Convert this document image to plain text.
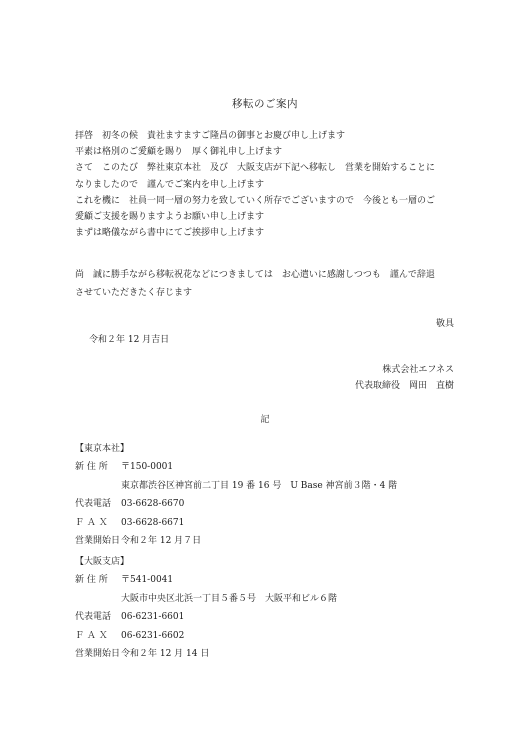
移転のご案内

拝啓　初冬の候　貴社ますますご隆昌の御事とお慶び申し上げます

平素は格別のご愛顧を賜り　厚く御礼申し上げます

さて　このたび　弊社東京本社　及び　大阪支店が下記へ移転し　営業を開始することに

なりましたので　謹んでご案内を申し上げます

これを機に　社員一同一層の努力を致していく所存でございますので　今後とも一層のご

愛顧ご支援を賜りますようお願い申し上げます

まずは略儀ながら書中にてご挨拶申し上げます

尚　誠に勝手ながら移転祝花などにつきましては　お心遣いに感謝しつつも　謹んで辞退

させていただきたく存じます

敬具
令和２年 12 月吉日
株式会社エフネス
代表取締役　岡田　直樹
記
【東京本社】
新 住 所	〒150-0001
東京都渋谷区神宮前二丁目 19 番 16 号　U Base 神宮前３階・4 階
代表電話	03-6628-6670
Ｆ Ａ Ｘ	03-6628-6671
営業開始日 令和２年 12 月７日
【大阪支店】
新 住 所	〒541-0041
大阪市中央区北浜一丁目５番５号　大阪平和ビル６階
代表電話	06-6231-6601
Ｆ Ａ Ｘ	06-6231-6602
営業開始日 令和２年 12 月 14 日
